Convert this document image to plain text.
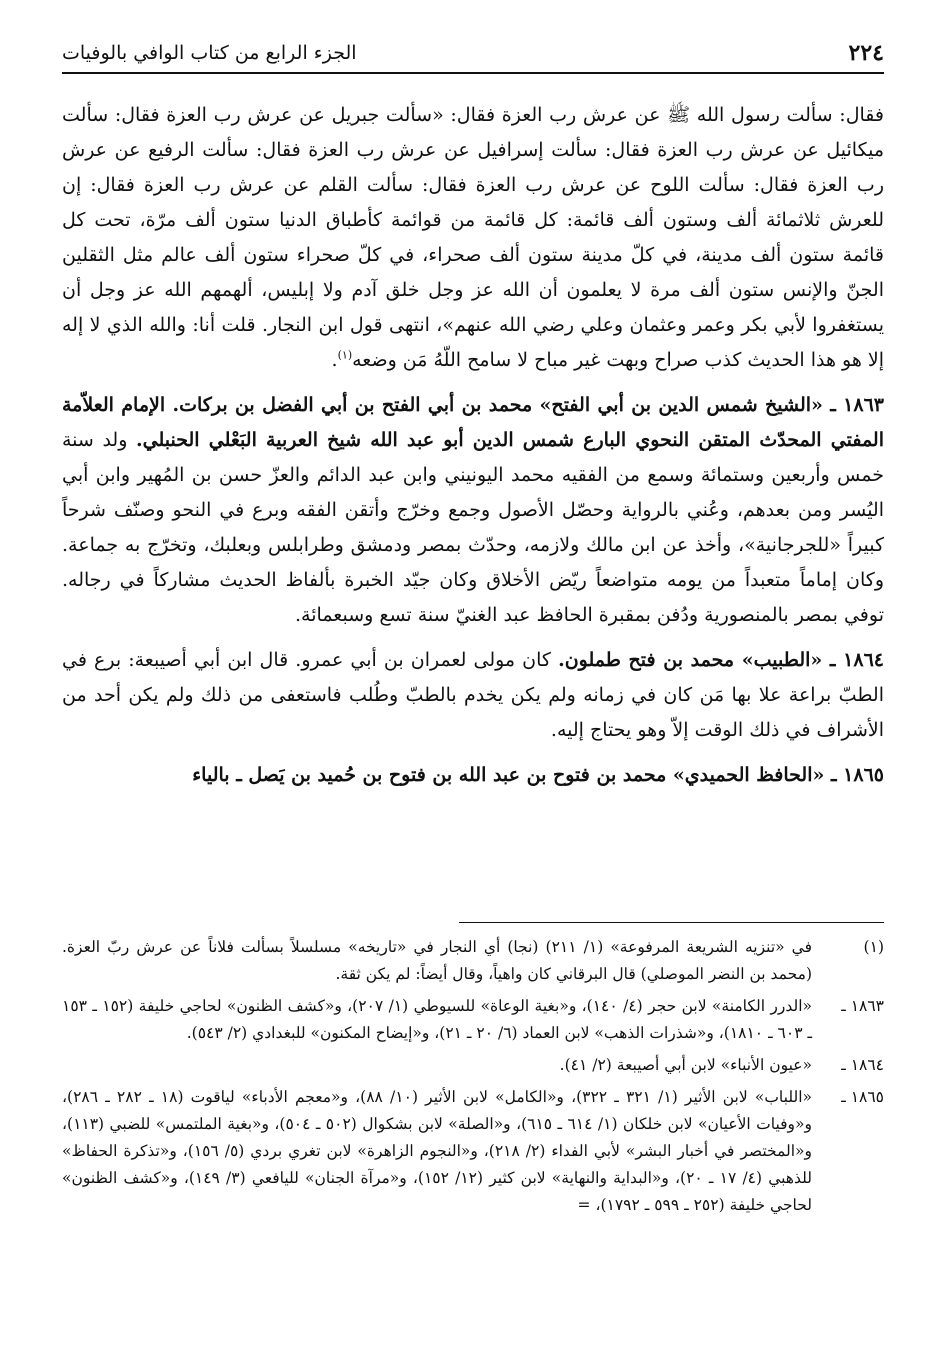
٢٢٤
الجزء الرابع من كتاب الوافي بالوفيات

فقال: سألت رسول الله ﷺ عن عرش رب العزة فقال: «سألت جبريل عن عرش رب العزة فقال: سألت ميكائيل عن عرش رب العزة فقال: سألت إسرافيل عن عرش رب العزة فقال: سألت الرفيع عن عرش رب العزة فقال: سألت اللوح عن عرش رب العزة فقال: سألت القلم عن عرش رب العزة فقال: إن للعرش ثلاثمائة ألف وستون ألف قائمة: كل قائمة من قوائمة كأطباق الدنيا ستون ألف مرّة، تحت كل قائمة ستون ألف مدينة، في كلّ مدينة ستون ألف صحراء، في كلّ صحراء ستون ألف عالم مثل الثقلين الجنّ والإنس ستون ألف مرة لا يعلمون أن الله عز وجل خلق آدم ولا إبليس، ألهمهم الله عز وجل أن يستغفروا لأبي بكر وعمر وعثمان وعلي رضي الله عنهم»، انتهى قول ابن النجار. قلت أنا: والله الذي لا إله إلا هو هذا الحديث كذب صراح وبهت غير مباح لا سامح اللّهُ مَن وضعه$^{(١)}$.

١٨٦٣ ـ «الشيخ شمس الدين بن أبي الفتح» محمد بن أبي الفتح بن أبي الفضل بن بركات. الإمام العلاّمة المفتي المحدّث المتقن النحوي البارع شمس الدين أبو عبد الله شيخ العربية البَعْلي الحنبلي. ولد سنة خمس وأربعين وستمائة وسمع من الفقيه محمد اليونيني وابن عبد الدائم والعزّ حسن بن المُهير وابن أبي اليُسر ومن بعدهم، وعُني بالرواية وحصّل الأصول وجمع وخرّج وأتقن الفقه وبرع في النحو وصنّف شرحاً كبيراً «للجرجانية»، وأخذ عن ابن مالك ولازمه، وحدّث بمصر ودمشق وطرابلس وبعلبك، وتخرّج به جماعة. وكان إماماً متعبداً من يومه متواضعاً ريّض الأخلاق وكان جيّد الخبرة بألفاظ الحديث مشاركاً في رجاله. توفي بمصر بالمنصورية ودُفن بمقبرة الحافظ عبد الغنيّ سنة تسع وسبعمائة.

١٨٦٤ ـ «الطبيب» محمد بن فتح طملون. كان مولى لعمران بن أبي عمرو. قال ابن أبي أصيبعة: برع في الطبّ براعة علا بها مَن كان في زمانه ولم يكن يخدم بالطبّ وطُلب فاستعفى من ذلك ولم يكن أحد من الأشراف في ذلك الوقت إلاّ وهو يحتاج إليه.

١٨٦٥ ـ «الحافظ الحميدي» محمد بن فتوح بن عبد الله بن فتوح بن حُميد بن يَصل ـ بالياء

(١)
في «تنزيه الشريعة المرفوعة» (١/ ٢١١) (نجا) أي النجار في «تاريخه» مسلسلاً بسألت فلاناً عن عرش ربّ العزة. (محمد بن النضر الموصلي) قال البرقاني كان واهياً، وقال أيضاً: لم يكن ثقة.
١٨٦٣ ـ
«الدرر الكامنة» لابن حجر (٤/ ١٤٠)، و«بغية الوعاة» للسيوطي (١/ ٢٠٧)، و«كشف الظنون» لحاجي خليفة (١٥٢ ـ ١٥٣ ـ ٦٠٣ ـ ١٨١٠)، و«شذرات الذهب» لابن العماد (٦/ ٢٠ ـ ٢١)، و«إيضاح المكنون» للبغدادي (٢/ ٥٤٣).
١٨٦٤ ـ
«عيون الأنباء» لابن أبي أصيبعة (٢/ ٤١).
١٨٦٥ ـ
«اللباب» لابن الأثير (١/ ٣٢١ ـ ٣٢٢)، و«الكامل» لابن الأثير (١٠/ ٨٨)، و«معجم الأدباء» لياقوت (١٨ ـ ٢٨٢ ـ ٢٨٦)، و«وفيات الأعيان» لابن خلكان (١/ ٦١٤ ـ ٦١٥)، و«الصلة» لابن بشكوال (٥٠٢ ـ ٥٠٤)، و«بغية الملتمس» للضبي (١١٣)، و«المختصر في أخبار البشر» لأبي الفداء (٢/ ٢١٨)، و«النجوم الزاهرة» لابن تغري بردي (٥/ ١٥٦)، و«تذكرة الحفاظ» للذهبي (٤/ ١٧ ـ ٢٠)، و«البداية والنهاية» لابن كثير (١٢/ ١٥٢)، و«مرآة الجنان» لليافعي (٣/ ١٤٩)، و«كشف الظنون» لحاجي خليفة (٢٥٢ ـ ٥٩٩ ـ ١٧٩٢)، =
